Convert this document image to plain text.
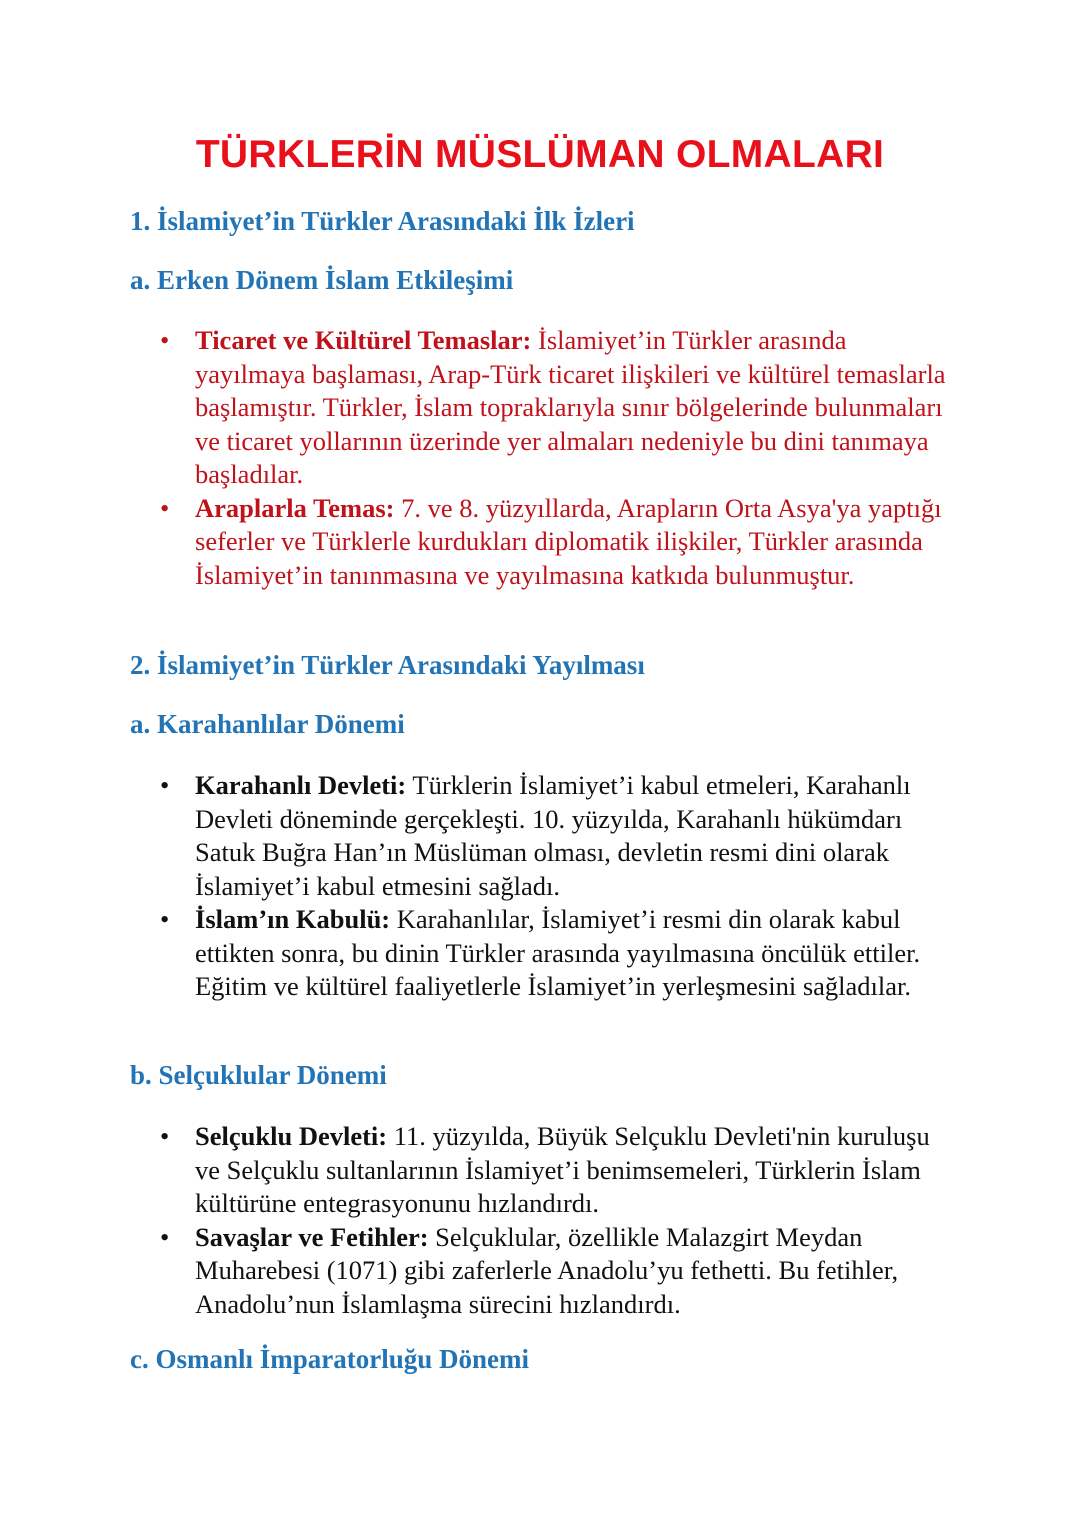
TÜRKLERİN MÜSLÜMAN OLMALARI
1. İslamiyet’in Türkler Arasındaki İlk İzleri
a. Erken Dönem İslam Etkileşimi
• Ticaret ve Kültürel Temaslar: İslamiyet’in Türkler arasında yayılmaya başlaması, Arap-Türk ticaret ilişkileri ve kültürel temaslarla başlamıştır. Türkler, İslam topraklarıyla sınır bölgelerinde bulunmaları ve ticaret yollarının üzerinde yer almaları nedeniyle bu dini tanımaya başladılar.
• Araplarla Temas: 7. ve 8. yüzyıllarda, Arapların Orta Asya'ya yaptığı seferler ve Türklerle kurdukları diplomatik ilişkiler, Türkler arasında İslamiyet’in tanınmasına ve yayılmasına katkıda bulunmuştur.
2. İslamiyet’in Türkler Arasındaki Yayılması
a. Karahanlılar Dönemi
• Karahanlı Devleti: Türklerin İslamiyet’i kabul etmeleri, Karahanlı Devleti döneminde gerçekleşti. 10. yüzyılda, Karahanlı hükümdarı Satuk Buğra Han’ın Müslüman olması, devletin resmi dini olarak İslamiyet’i kabul etmesini sağladı.
• İslam’ın Kabulü: Karahanlılar, İslamiyet’i resmi din olarak kabul ettikten sonra, bu dinin Türkler arasında yayılmasına öncülük ettiler. Eğitim ve kültürel faaliyetlerle İslamiyet’in yerleşmesini sağladılar.
b. Selçuklular Dönemi
• Selçuklu Devleti: 11. yüzyılda, Büyük Selçuklu Devleti'nin kuruluşu ve Selçuklu sultanlarının İslamiyet’i benimsemeleri, Türklerin İslam kültürüne entegrasyonunu hızlandırdı.
• Savaşlar ve Fetihler: Selçuklular, özellikle Malazgirt Meydan Muharebesi (1071) gibi zaferlerle Anadolu’yu fethetti. Bu fetihler, Anadolu’nun İslamlaşma sürecini hızlandırdı.
c. Osmanlı İmparatorluğu Dönemi
